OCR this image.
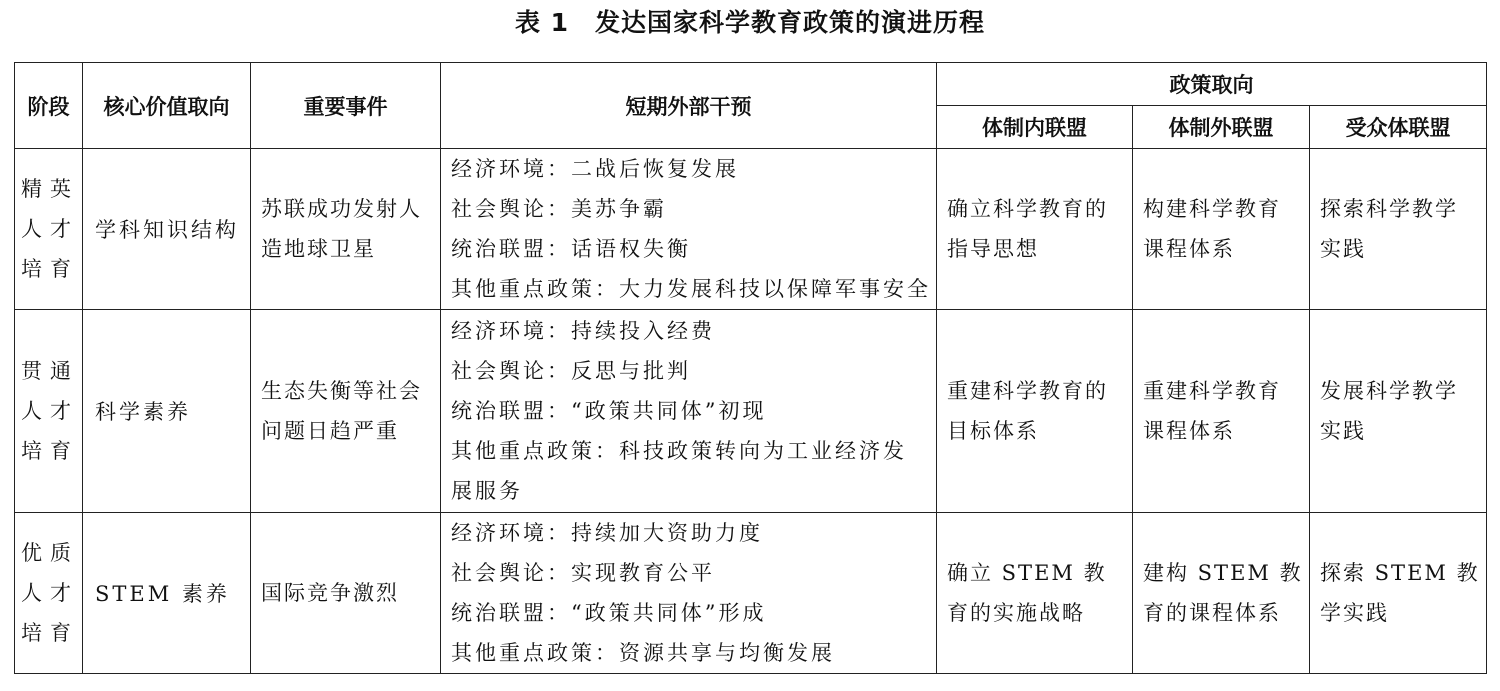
表 1　发达国家科学教育政策的演进历程
阶段	核心价值取向	重要事件	短期外部干预	政策取向		
				体制内联盟	体制外联盟	受众体联盟

精英人才培育	学科知识结构	苏联成功发射人造地球卫星	经济环境：二战后恢复发展
社会舆论：美苏争霸
统治联盟：话语权失衡
其他重点政策：大力发展科技以保障军事安全	确立科学教育的指导思想	构建科学教育课程体系	探索科学教学实践

贯通人才培育	科学素养	生态失衡等社会问题日趋严重	经济环境：持续投入经费
社会舆论：反思与批判
统治联盟：“政策共同体”初现
其他重点政策：科技政策转向为工业经济发展服务	重建科学教育的目标体系	重建科学教育课程体系	发展科学教学实践

优质人才培育	STEM 素养	国际竞争激烈	经济环境：持续加大资助力度
社会舆论：实现教育公平
统治联盟：“政策共同体”形成
其他重点政策：资源共享与均衡发展	确立 STEM 教育的实施战略	建构 STEM 教育的课程体系	探索 STEM 教学实践
